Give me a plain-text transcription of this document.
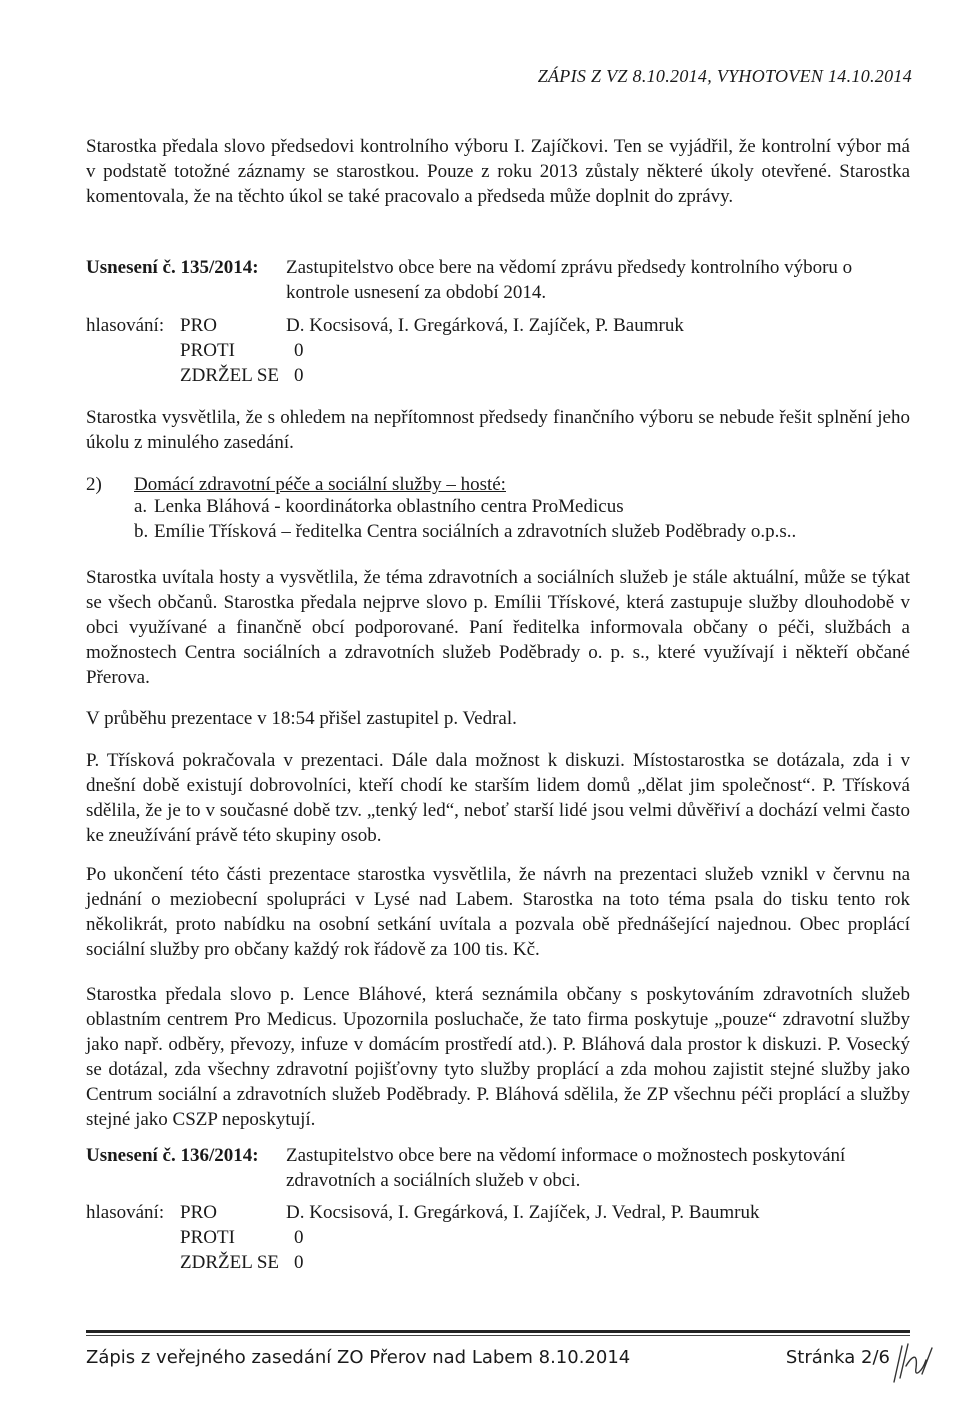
ZÁPIS Z VZ 8.10.2014, VYHOTOVEN 14.10.2014

Starostka předala slovo předsedovi kontrolního výboru I. Zajíčkovi. Ten se vyjádřil, že kontrolní výbor má v podstatě totožné záznamy se starostkou. Pouze z roku 2013 zůstaly některé úkoly otevřené. Starostka komentovala, že na těchto úkol se také pracovalo a předseda může doplnit do zprávy.

Usnesení č. 135/2014: Zastupitelstvo obce bere na vědomí zprávu předsedy kontrolního výboru o kontrole usnesení za období 2014.
hlasování: PRO	D. Kocsisová, I. Gregárková, I. Zajíček, P. Baumruk
PROTI	0
ZDRŽEL SE 0

Starostka vysvětlila, že s ohledem na nepřítomnost předsedy finančního výboru se nebude řešit splnění jeho úkolu z minulého zasedání.

2) Domácí zdravotní péče a sociální služby – hosté:
a. Lenka Bláhová - koordinátorka oblastního centra ProMedicus
b. Emílie Třísková – ředitelka Centra sociálních a zdravotních služeb Poděbrady o.p.s..

Starostka uvítala hosty a vysvětlila, že téma zdravotních a sociálních služeb je stále aktuální, může se týkat se všech občanů. Starostka předala nejprve slovo p. Emílii Třískové, která zastupuje služby dlouhodobě v obci využívané a finančně obcí podporované. Paní ředitelka informovala občany o péči, službách a možnostech Centra sociálních a zdravotních služeb Poděbrady o. p. s., které využívají i někteří občané Přerova.

V průběhu prezentace v 18:54 přišel zastupitel p. Vedral.

P. Třísková pokračovala v prezentaci. Dále dala možnost k diskuzi. Místostarostka se dotázala, zda i v dnešní době existují dobrovolníci, kteří chodí ke starším lidem domů „dělat jim společnost“. P. Třísková sdělila, že je to v současné době tzv. „tenký led“, neboť starší lidé jsou velmi důvěřiví a dochází velmi často ke zneužívání právě této skupiny osob.

Po ukončení této části prezentace starostka vysvětlila, že návrh na prezentaci služeb vznikl v červnu na jednání o meziobecní spolupráci v Lysé nad Labem. Starostka na toto téma psala do tisku tento rok několikrát, proto nabídku na osobní setkání uvítala a pozvala obě přednášející najednou. Obec proplácí sociální služby pro občany každý rok řádově za 100 tis. Kč.

Starostka předala slovo p. Lence Bláhové, která seznámila občany s poskytováním zdravotních služeb oblastním centrem Pro Medicus. Upozornila posluchače, že tato firma poskytuje „pouze“ zdravotní služby jako např. odběry, převozy, infuze v domácím prostředí atd.). P. Bláhová dala prostor k diskuzi. P. Vosecký se dotázal, zda všechny zdravotní pojišťovny tyto služby proplácí a zda mohou zajistit stejné služby jako Centrum sociální a zdravotních služeb Poděbrady. P. Bláhová sdělila, že ZP všechnu péči proplácí a služby stejné jako CSZP neposkytují.

Usnesení č. 136/2014: Zastupitelstvo obce bere na vědomí informace o možnostech poskytování zdravotních a sociálních služeb v obci.
hlasování: PRO	D. Kocsisová, I. Gregárková, I. Zajíček, J. Vedral, P. Baumruk
PROTI	0
ZDRŽEL SE 0
Zápis z veřejného zasedání ZO Přerov nad Labem 8.10.2014	Stránka 2/6
